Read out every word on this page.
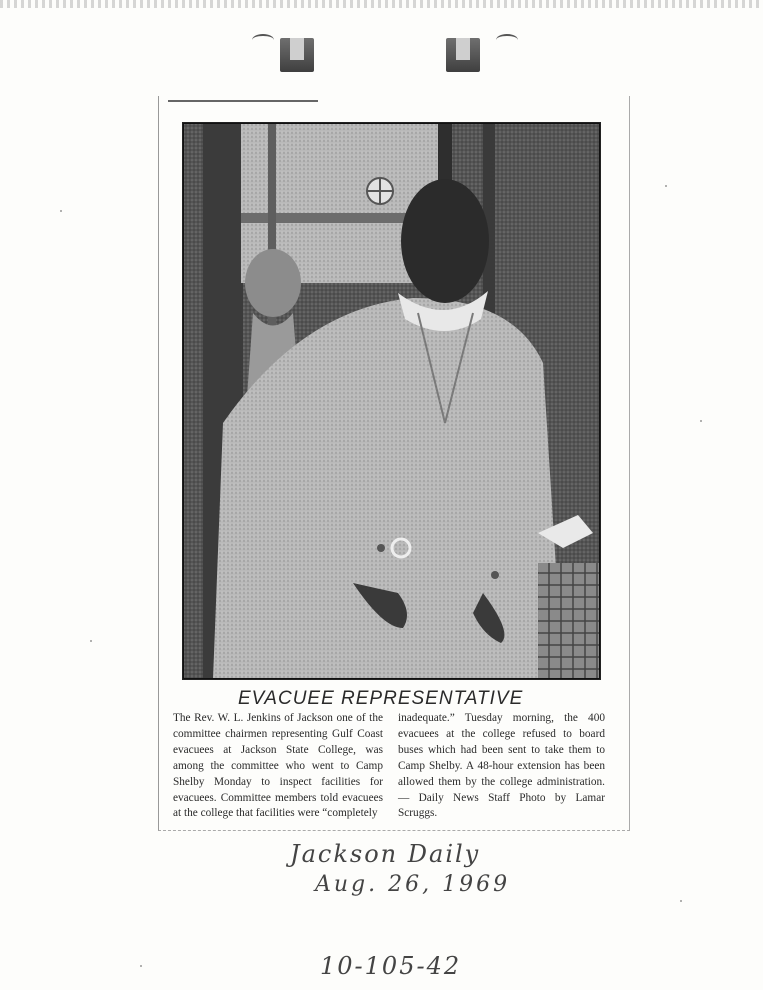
EVACUEE REPRESENTATIVE
The Rev. W. L. Jenkins of Jackson one of the committee chairmen representing Gulf Coast evacuees at Jackson State College, was among the committee who went to Camp Shelby Monday to inspect facilities for evacuees. Committee members told evacuees at the college that facilities were “completely
inadequate.” Tuesday morning, the 400 evacuees at the college refused to board buses which had been sent to take them to Camp Shelby. A 48-hour extension has been allowed them by the college administration. — Daily News Staff Photo by Lamar Scruggs.
Jackson Daily
Aug. 26, 1969
10-105-42
